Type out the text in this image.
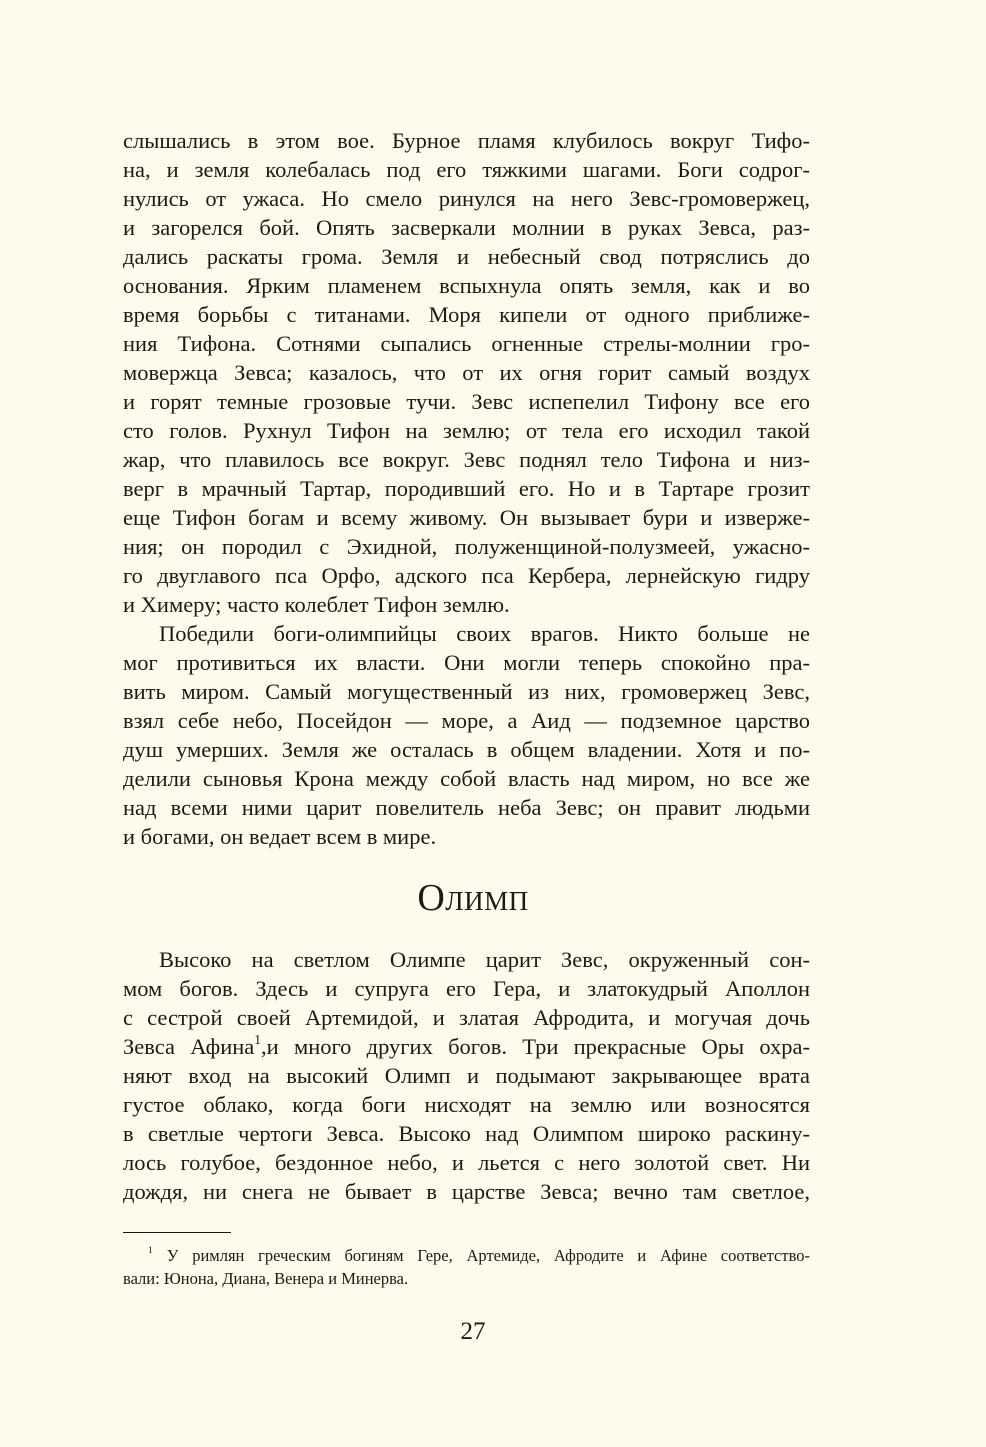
слышались в этом вое. Бурное пламя клубилось вокруг Тифо-
на, и земля колебалась под его тяжкими шагами. Боги содрог-
нулись от ужаса. Но смело ринулся на него Зевс-громовержец,
и загорелся бой. Опять засверкали молнии в руках Зевса, раз-
дались раскаты грома. Земля и небесный свод потряслись до
основания. Ярким пламенем вспыхнула опять земля, как и во
время борьбы с титанами. Моря кипели от одного приближе-
ния Тифона. Сотнями сыпались огненные стрелы-молнии гро-
мовержца Зевса; казалось, что от их огня горит самый воздух
и горят темные грозовые тучи. Зевс испепелил Тифону все его
сто голов. Рухнул Тифон на землю; от тела его исходил такой
жар, что плавилось все вокруг. Зевс поднял тело Тифона и низ-
верг в мрачный Тартар, породивший его. Но и в Тартаре грозит
еще Тифон богам и всему живому. Он вызывает бури и изверже-
ния; он породил с Эхидной, полуженщиной-полузмеей, ужасно-
го двуглавого пса Орфо, адского пса Кербера, лернейскую гидру
и Химеру; часто колеблет Тифон землю.
Победили боги-олимпийцы своих врагов. Никто больше не
мог противиться их власти. Они могли теперь спокойно пра-
вить миром. Самый могущественный из них, громовержец Зевс,
взял себе небо, Посейдон — море, а Аид — подземное царство
душ умерших. Земля же осталась в общем владении. Хотя и по-
делили сыновья Крона между собой власть над миром, но все же
над всеми ними царит повелитель неба Зевс; он правит людьми
и богами, он ведает всем в мире.
Олимп
Высоко на светлом Олимпе царит Зевс, окруженный сон-
мом богов. Здесь и супруга его Гера, и златокудрый Аполлон
с сестрой своей Артемидой, и златая Афродита, и могучая дочь
Зевса Афина$^1$,и много других богов. Три прекрасные Оры охра-
няют вход на высокий Олимп и подымают закрывающее врата
густое облако, когда боги нисходят на землю или возносятся
в светлые чертоги Зевса. Высоко над Олимпом широко раскину-
лось голубое, бездонное небо, и льется с него золотой свет. Ни
дождя, ни снега не бывает в царстве Зевса; вечно там светлое,
$^1$ У римлян греческим богиням Гере, Артемиде, Афродите и Афине соответство-
вали: Юнона, Диана, Венера и Минерва.
27
